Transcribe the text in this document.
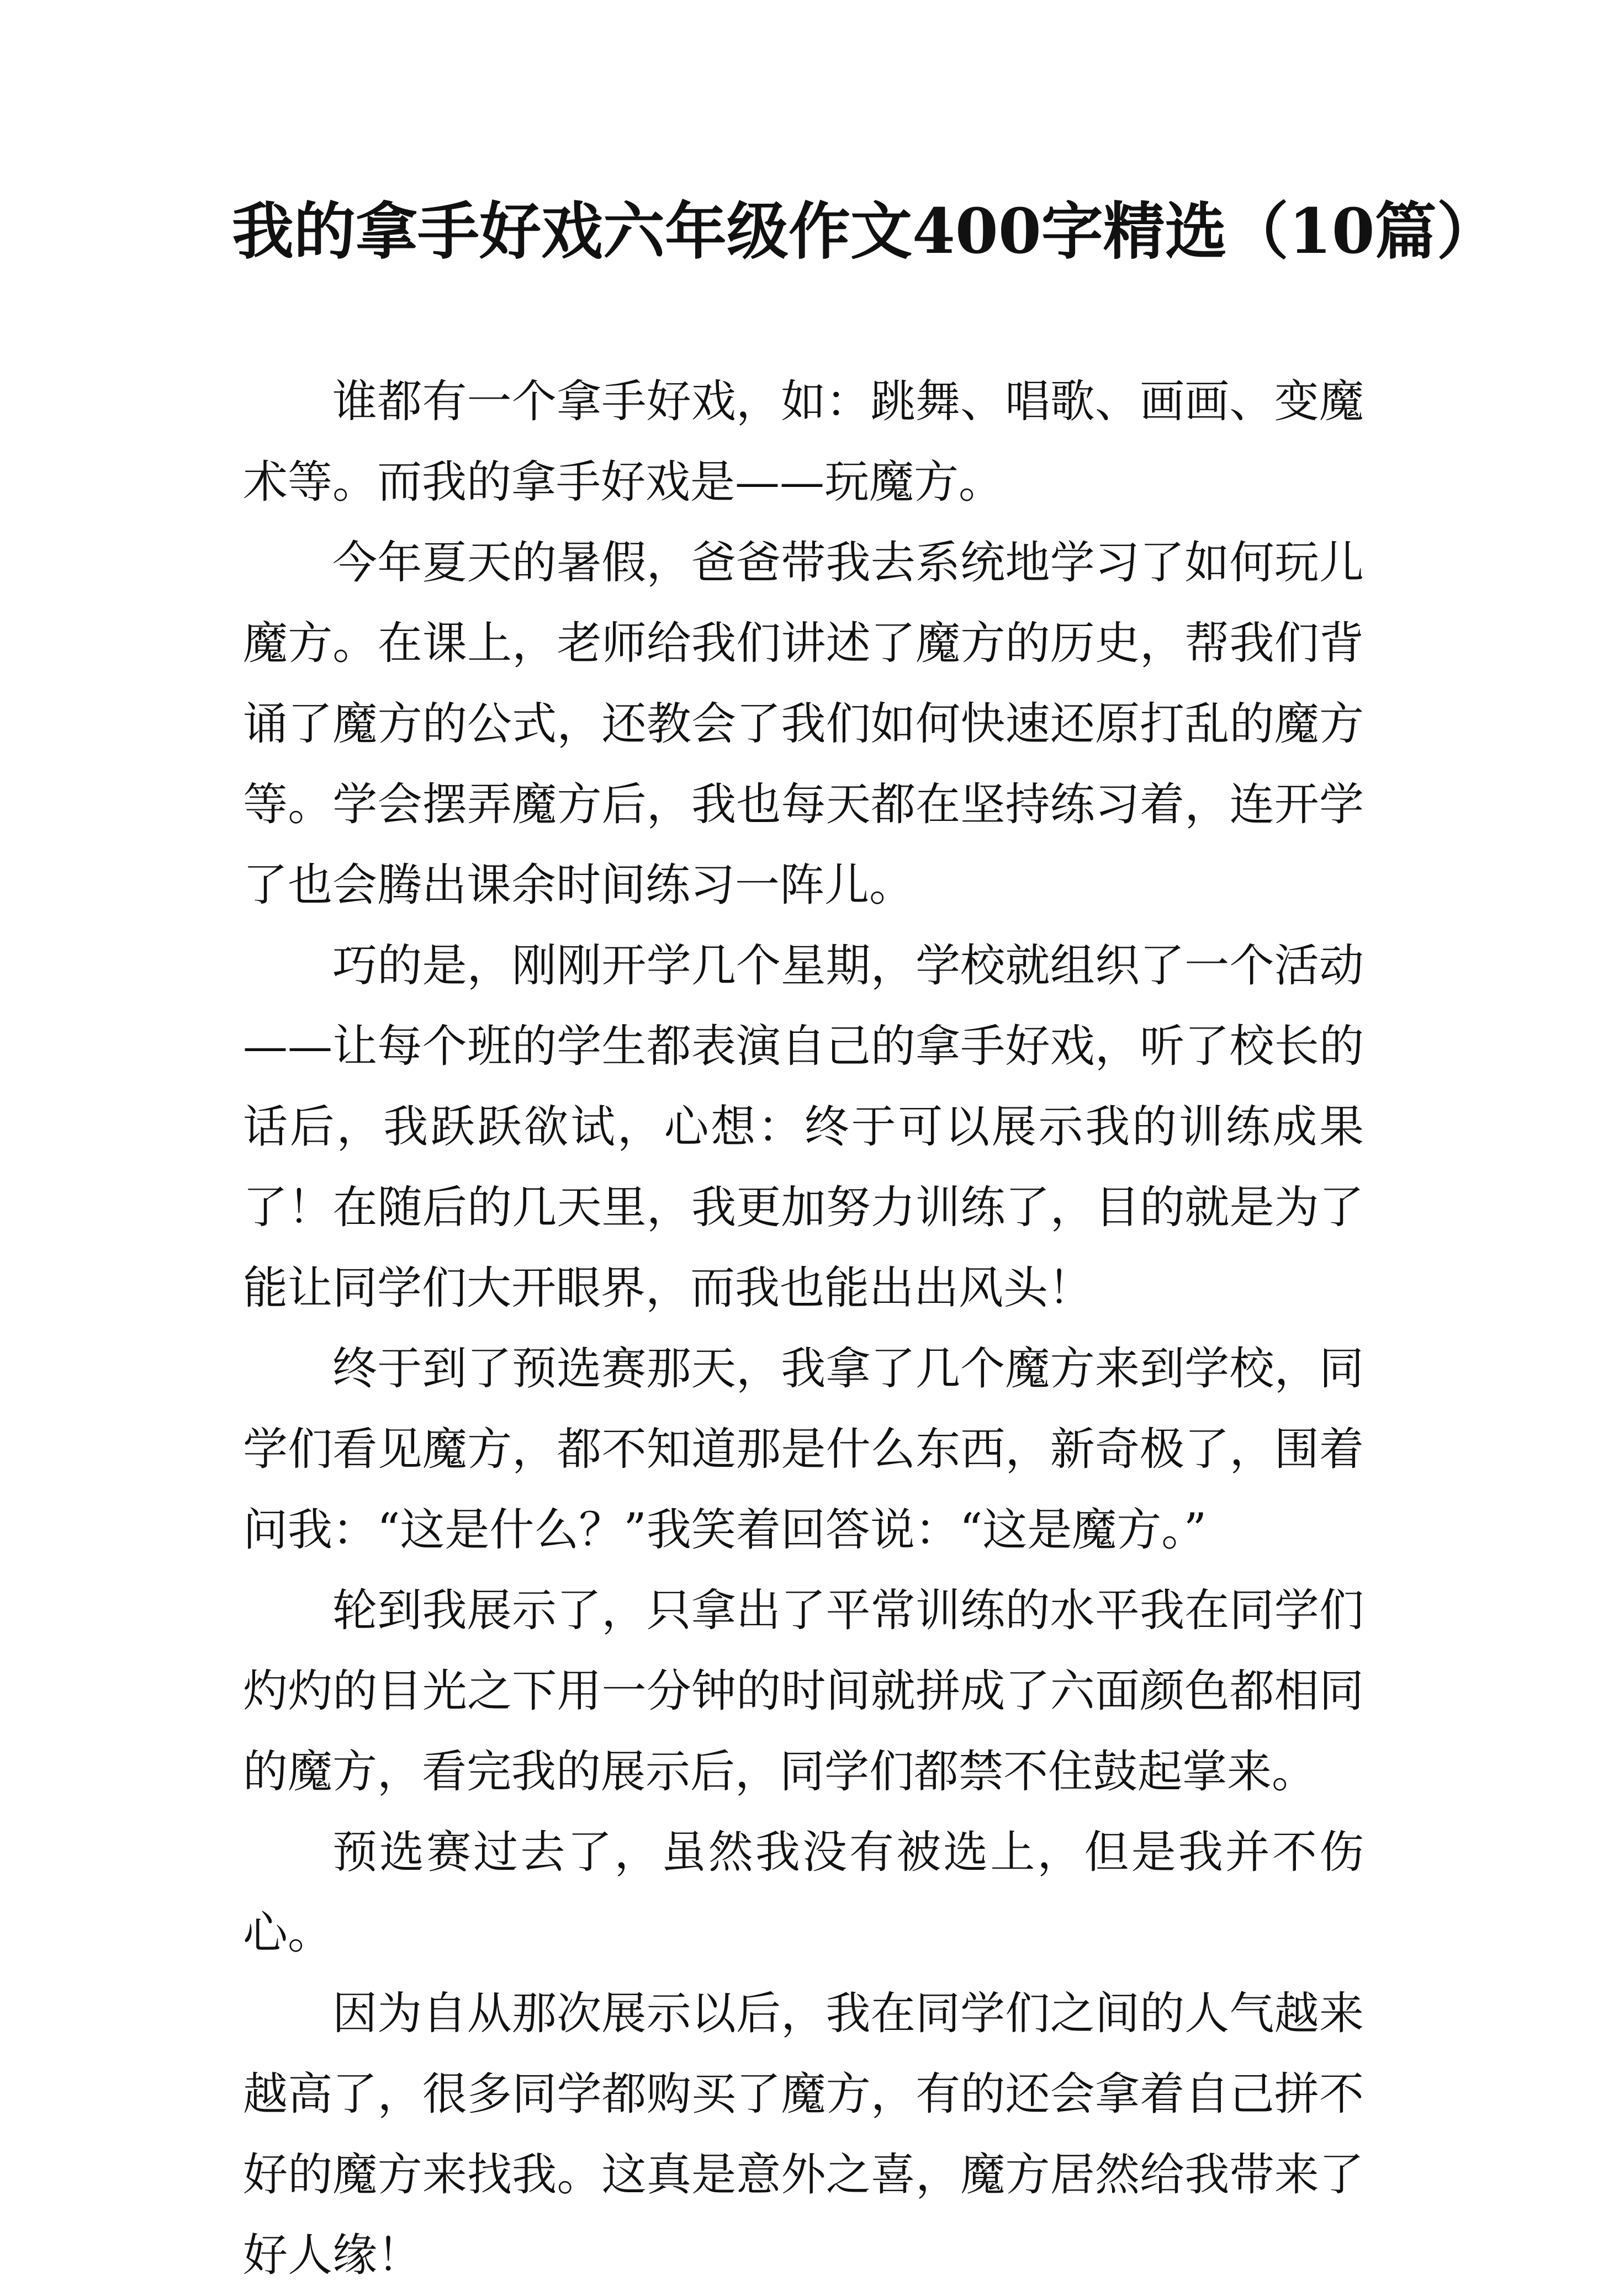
我的拿手好戏六年级作文400字精选（10篇）

谁都有一个拿手好戏，如：跳舞、唱歌、画画、变魔术等。而我的拿手好戏是——玩魔方。

今年夏天的暑假，爸爸带我去系统地学习了如何玩儿魔方。在课上，老师给我们讲述了魔方的历史，帮我们背诵了魔方的公式，还教会了我们如何快速还原打乱的魔方等。学会摆弄魔方后，我也每天都在坚持练习着，连开学了也会腾出课余时间练习一阵儿。

巧的是，刚刚开学几个星期，学校就组织了一个活动——让每个班的学生都表演自己的拿手好戏，听了校长的话后，我跃跃欲试，心想：终于可以展示我的训练成果了！在随后的几天里，我更加努力训练了，目的就是为了能让同学们大开眼界，而我也能出出风头！

终于到了预选赛那天，我拿了几个魔方来到学校，同学们看见魔方，都不知道那是什么东西，新奇极了，围着问我：“这是什么？”我笑着回答说：“这是魔方。”

轮到我展示了，只拿出了平常训练的水平我在同学们灼灼的目光之下用一分钟的时间就拼成了六面颜色都相同的魔方，看完我的展示后，同学们都禁不住鼓起掌来。

预选赛过去了，虽然我没有被选上，但是我并不伤心。

因为自从那次展示以后，我在同学们之间的人气越来越高了，很多同学都购买了魔方，有的还会拿着自己拼不好的魔方来找我。这真是意外之喜，魔方居然给我带来了好人缘！
